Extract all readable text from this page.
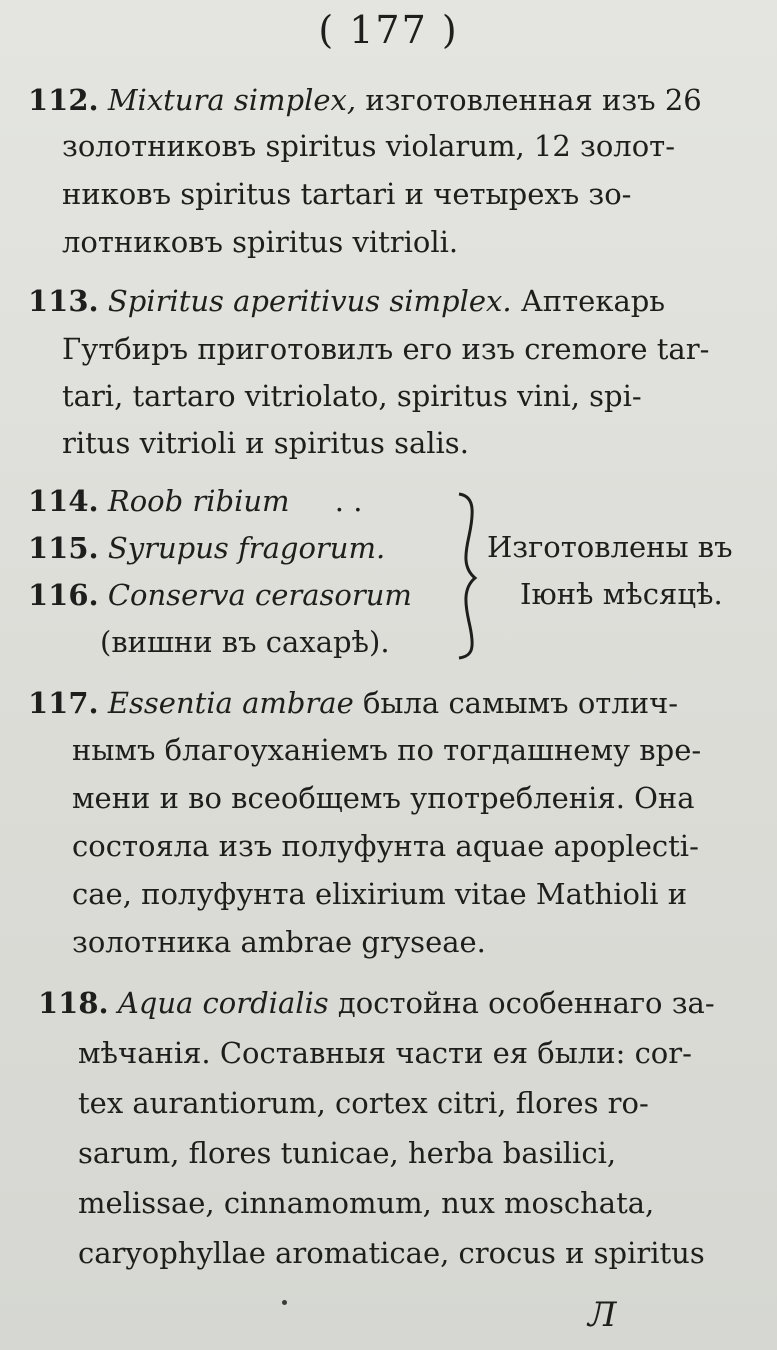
( 177 )
112. Mixtura simplex, изготовленная изъ 26
золотниковъ spiritus violarum, 12 золот-
никовъ spiritus tartari и четырехъ зо-
лотниковъ spiritus vitrioli.
113. Spiritus aperitivus simplex. Аптекарь
Гутбиръ приготовилъ его изъ cremore tar-
tari, tartaro vitriolato, spiritus vini, spi-
ritus vitrioli и spiritus salis.
114. Roob ribium . .
115. Syrupus fragorum.
116. Conserva cerasorum
(вишни въ сахарѣ).
Изготовлены въ
Іюнѣ мѣсяцѣ.
117. Essentia ambrae была самымъ отлич-
нымъ благоуханіемъ по тогдашнему вре-
мени и во всеобщемъ употребленія. Она
состояла изъ полуфунта aquae apoplecti-
cae, полуфунта elixirium vitae Mathioli и
золотника ambrae gryseae.
118. Aqua cordialis достойна особеннаго за-
мѣчанія. Составныя части ея были: cor-
tex aurantiorum, cortex citri, flores ro-
sarum, flores tunicae, herba basilici,
melissae, cinnamomum, nux moschata,
caryophyllae aromaticae, crocus и spiritus
Л
